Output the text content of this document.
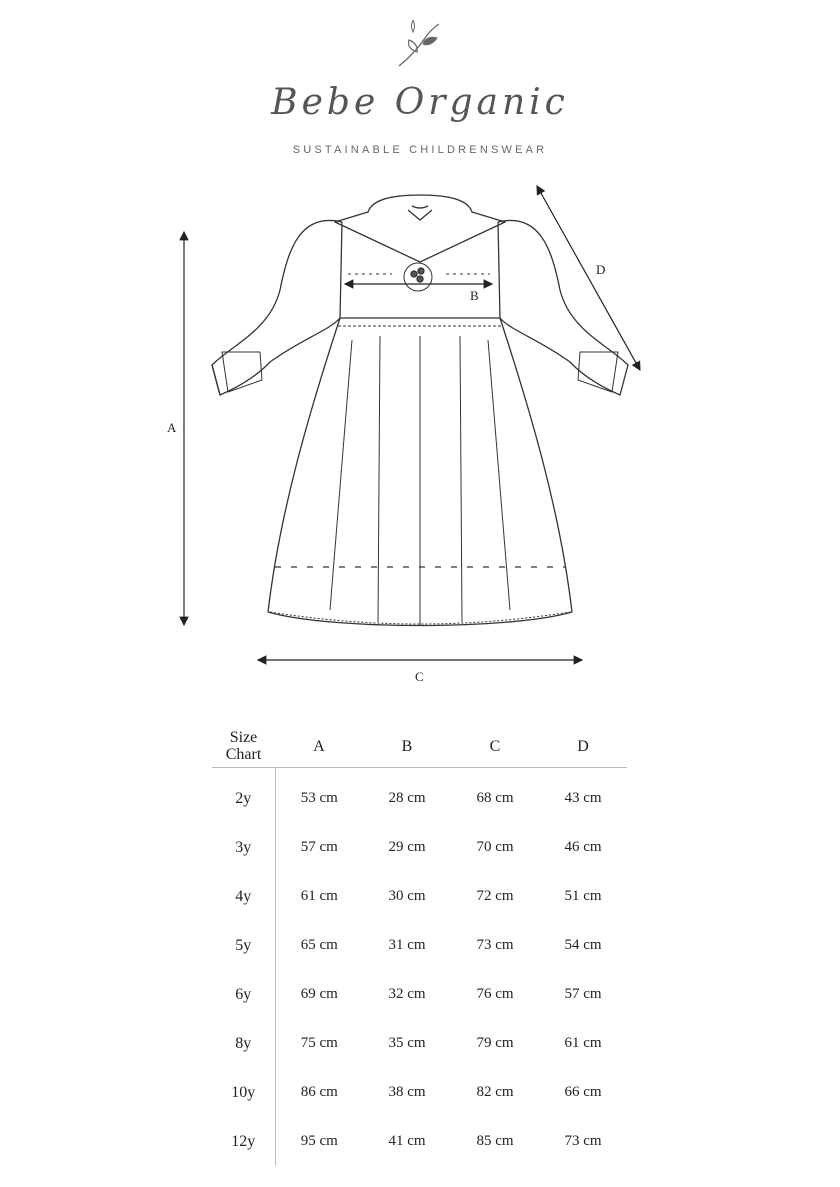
Bebe Organic
SUSTAINABLE CHILDRENSWEAR
A
B
C
D
Size
Chart	A	B	C	D
2y	53 cm	28 cm	68 cm	43 cm
3y	57 cm	29 cm	70 cm	46 cm
4y	61 cm	30 cm	72 cm	51 cm
5y	65 cm	31 cm	73 cm	54 cm
6y	69 cm	32 cm	76 cm	57 cm
8y	75 cm	35 cm	79 cm	61 cm
10y	86 cm	38 cm	82 cm	66 cm
12y	95 cm	41 cm	85 cm	73 cm
